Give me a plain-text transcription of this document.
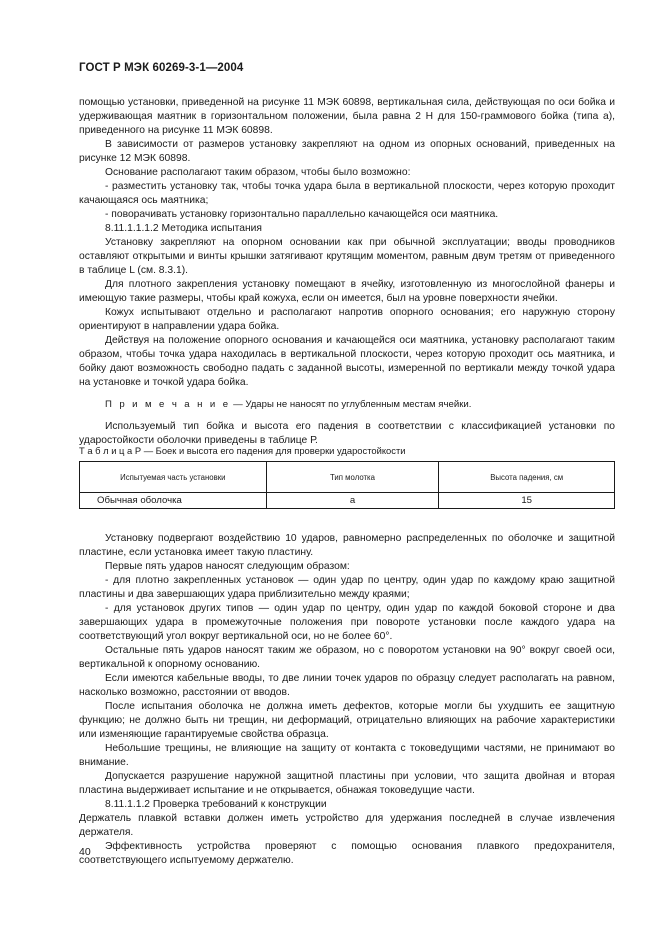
ГОСТ Р МЭК 60269-3-1—2004

помощью установки, приведенной на рисунке 11 МЭК 60898, вертикальная сила, действующая по оси бойка и удерживающая маятник в горизонтальном положении, была равна 2 Н для 150-граммового бойка (типа а), приведенного на рисунке 11 МЭК 60898.

В зависимости от размеров установку закрепляют на одном из опорных оснований, приведенных на рисунке 12 МЭК 60898.

Основание располагают таким образом, чтобы было возможно:

- разместить установку так, чтобы точка удара была в вертикальной плоскости, через которую проходит качающаяся ось маятника;

- поворачивать установку горизонтально параллельно качающейся оси маятника.

8.11.1.1.1.2 Методика испытания

Установку закрепляют на опорном основании как при обычной эксплуатации; вводы проводников оставляют открытыми и винты крышки затягивают крутящим моментом, равным двум третям от приведенного в таблице L (см. 8.3.1).

Для плотного закрепления установку помещают в ячейку, изготовленную из многослойной фанеры и имеющую такие размеры, чтобы край кожуха, если он имеется, был на уровне поверхности ячейки.

Кожух испытывают отдельно и располагают напротив опорного основания; его наружную сторону ориентируют в направлении удара бойка.

Действуя на положение опорного основания и качающейся оси маятника, установку располагают таким образом, чтобы точка удара находилась в вертикальной плоскости, через которую проходит ось маятника, и бойку дают возможность свободно падать с заданной высоты, измеренной по вертикали между точкой удара на установке и точкой удара бойка.

П р и м е ч а н и е — Удары не наносят по углубленным местам ячейки.

Используемый тип бойка и высота его падения в соответствии с классификацией установки по ударостойкости оболочки приведены в таблице Р.

Т а б л и ц а Р — Боек и высота его падения для проверки ударостойкости
Испытуемая часть установки	Тип молотка	Высота падения, см
Обычная оболочка	а	15

Установку подвергают воздействию 10 ударов, равномерно распределенных по оболочке и защитной пластине, если установка имеет такую пластину.

Первые пять ударов наносят следующим образом:

- для плотно закрепленных установок — один удар по центру, один удар по каждому краю защитной пластины и два завершающих удара приблизительно между краями;

- для установок других типов — один удар по центру, один удар по каждой боковой стороне и два завершающих удара в промежуточные положения при повороте установки после каждого удара на соответствующий угол вокруг вертикальной оси, но не более 60°.

Остальные пять ударов наносят таким же образом, но с поворотом установки на 90° вокруг своей оси, вертикальной к опорному основанию.

Если имеются кабельные вводы, то две линии точек ударов по образцу следует располагать на равном, насколько возможно, расстоянии от вводов.

После испытания оболочка не должна иметь дефектов, которые могли бы ухудшить ее защитную функцию; не должно быть ни трещин, ни деформаций, отрицательно влияющих на рабочие характеристики или изменяющие гарантируемые свойства образца.

Небольшие трещины, не влияющие на защиту от контакта с токоведущими частями, не принимают во внимание.

Допускается разрушение наружной защитной пластины при условии, что защита двойная и вторая пластина выдерживает испытание и не открывается, обнажая токоведущие части.

8.11.1.1.2 Проверка требований к конструкции

Держатель плавкой вставки должен иметь устройство для удержания последней в случае извлечения держателя.

Эффективность устройства проверяют с помощью основания плавкого предохранителя, соответствующего испытуемому держателю.

40
